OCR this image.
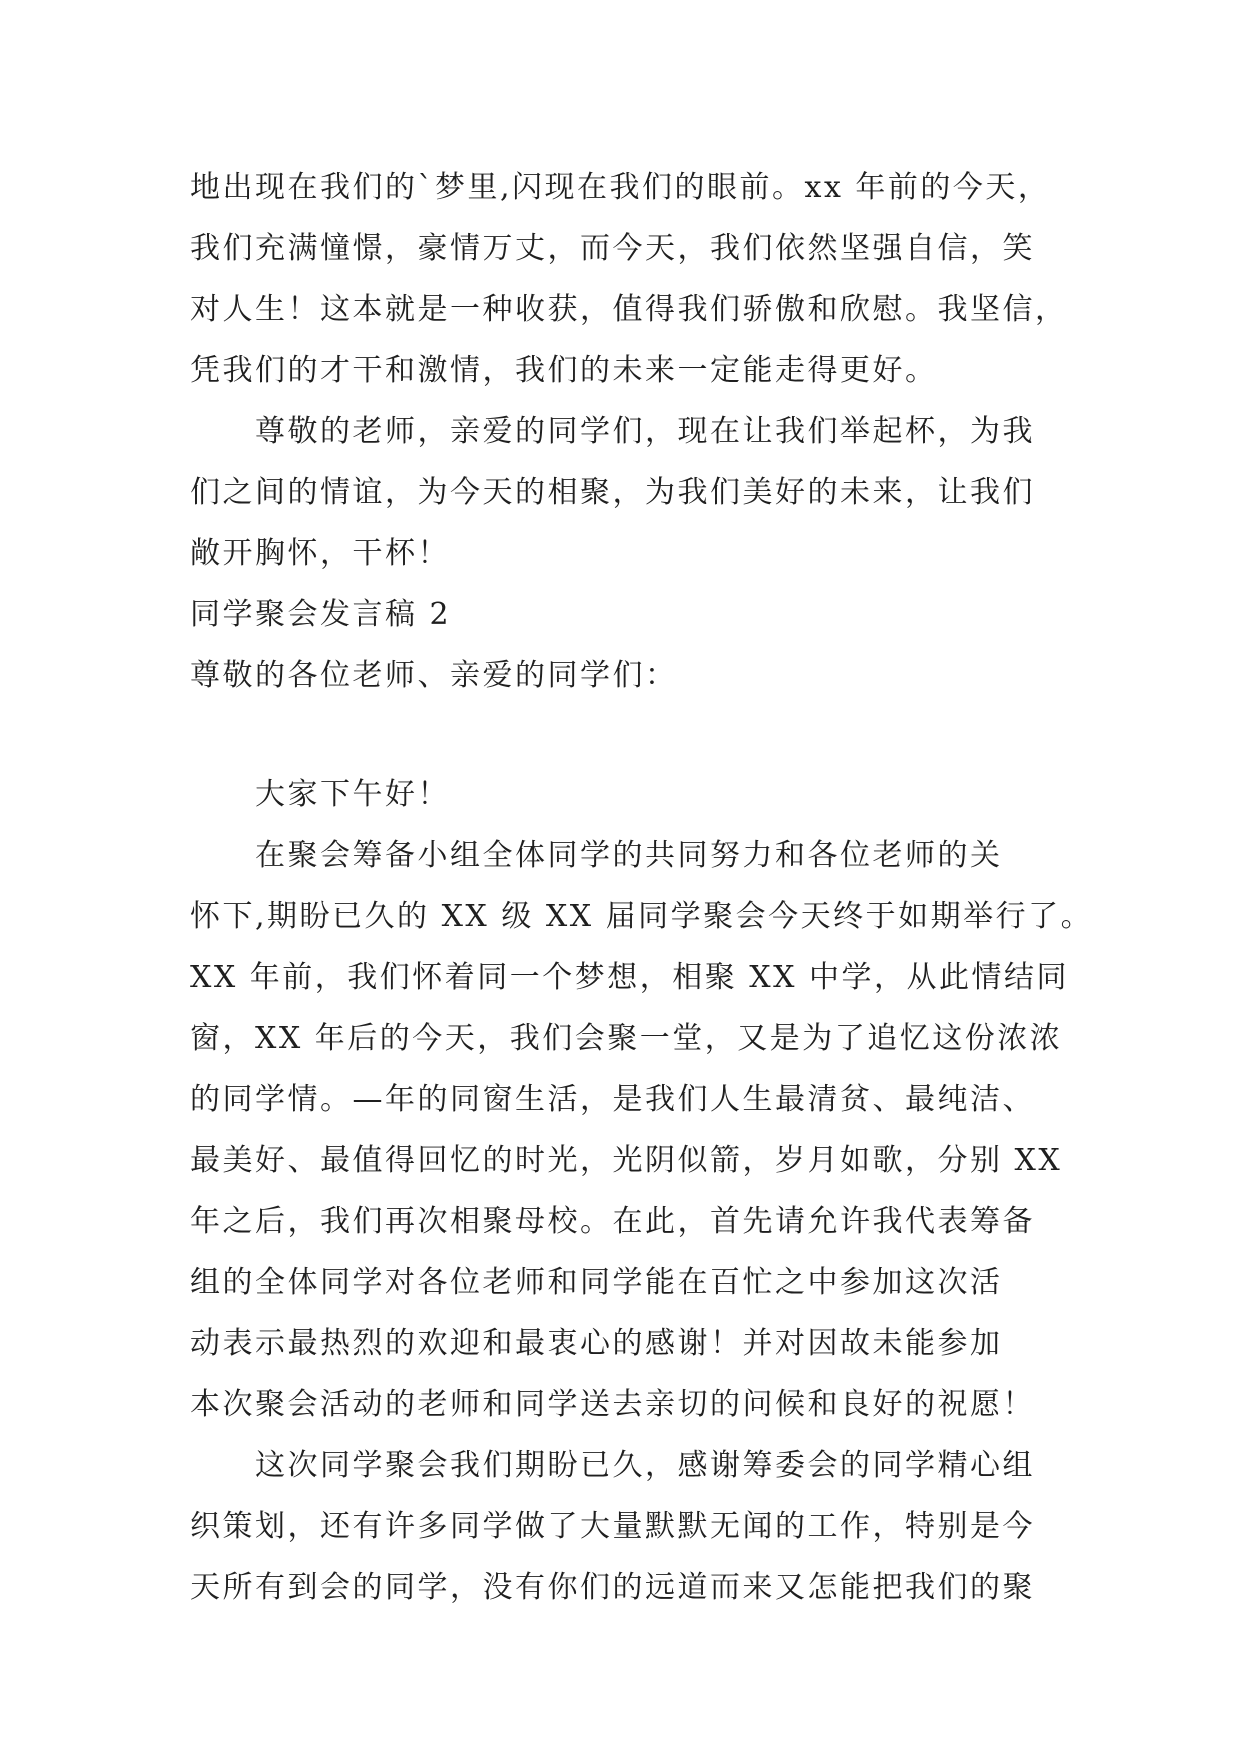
地出现在我们的`梦里,闪现在我们的眼前。xx 年前的今天，
我们充满憧憬，豪情万丈，而今天，我们依然坚强自信，笑
对人生！这本就是一种收获，值得我们骄傲和欣慰。我坚信，
凭我们的才干和激情，我们的未来一定能走得更好。
尊敬的老师，亲爱的同学们，现在让我们举起杯，为我
们之间的情谊，为今天的相聚，为我们美好的未来，让我们
敞开胸怀，干杯！
同学聚会发言稿 2
尊敬的各位老师、亲爱的同学们：
大家下午好！
在聚会筹备小组全体同学的共同努力和各位老师的关
怀下,期盼已久的 XX 级 XX 届同学聚会今天终于如期举行了。
XX 年前，我们怀着同一个梦想，相聚 XX 中学，从此情结同
窗，XX 年后的今天，我们会聚一堂，又是为了追忆这份浓浓
的同学情。—年的同窗生活，是我们人生最清贫、最纯洁、
最美好、最值得回忆的时光，光阴似箭，岁月如歌，分别 XX
年之后，我们再次相聚母校。在此，首先请允许我代表筹备
组的全体同学对各位老师和同学能在百忙之中参加这次活
动表示最热烈的欢迎和最衷心的感谢！并对因故未能参加
本次聚会活动的老师和同学送去亲切的问候和良好的祝愿！
这次同学聚会我们期盼已久，感谢筹委会的同学精心组
织策划，还有许多同学做了大量默默无闻的工作，特别是今
天所有到会的同学，没有你们的远道而来又怎能把我们的聚
